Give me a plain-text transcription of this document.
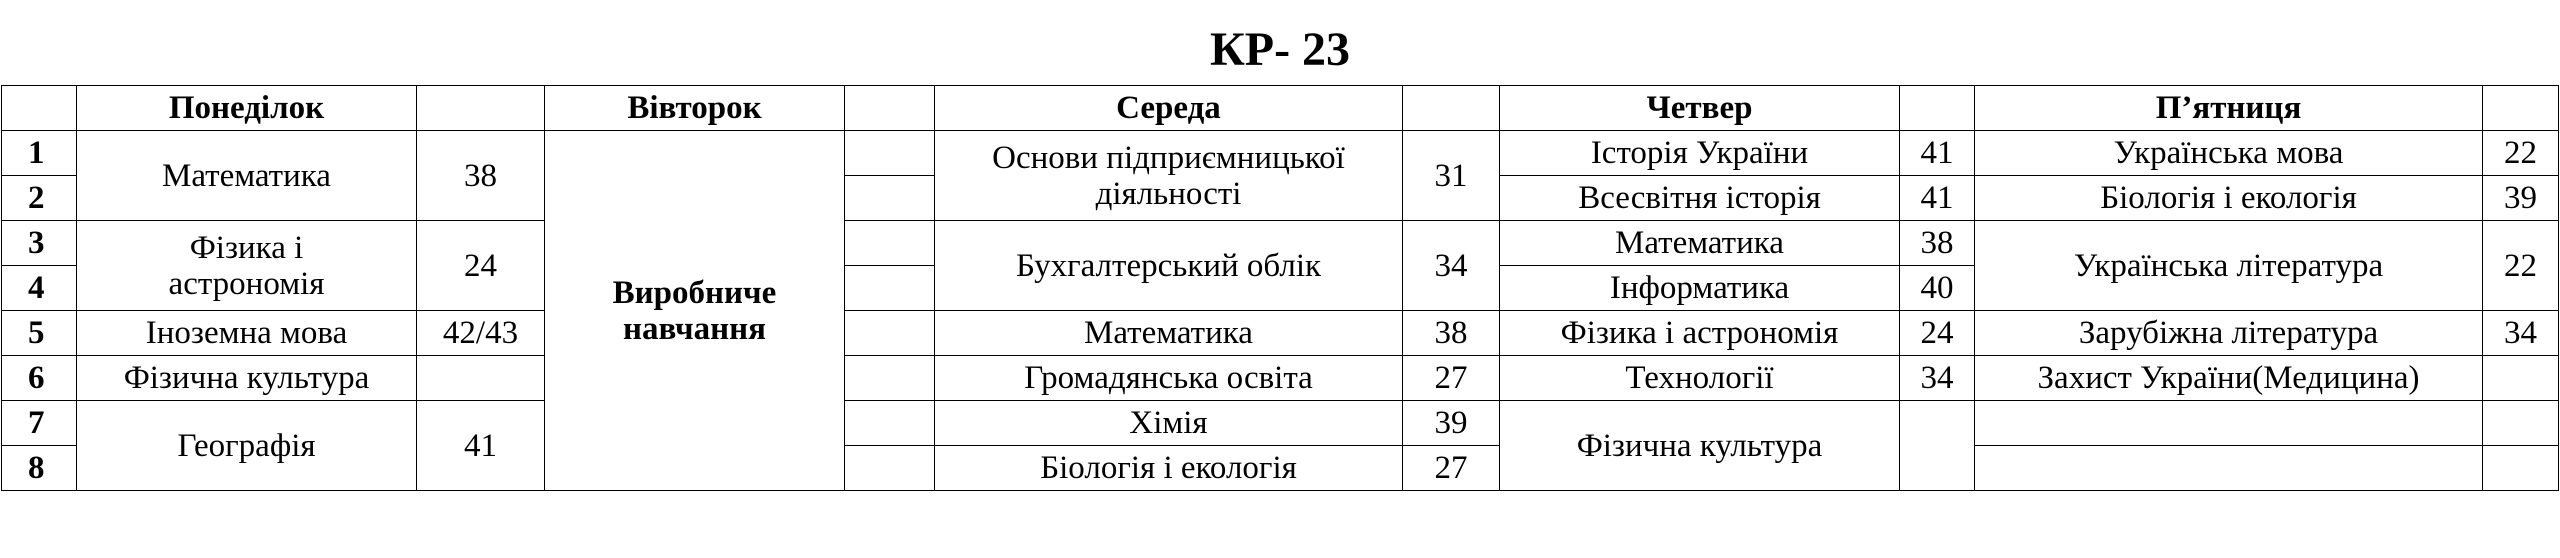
КР- 23
	Понеділок		Вівторок		Середа		Четвер		П’ятниця	
1	Математика	38	Виробниче навчання		Основи підприємницької діяльності	31	Історія України	41	Українська мова	22
2							Всесвітня історія	41	Біологія і екологія	39
3	Фізика і астрономія	24			Бухгалтерський облік	34	Математика	38	Українська література	22
4							Інформатика	40		
5	Іноземна мова	42/43			Математика	38	Фізика і астрономія	24	Зарубіжна література	34
6	Фізична культура				Громадянська освіта	27	Технології	34	Захист України(Медицина)	
7	Географія	41			Хімія	39	Фізична культура			
8					Біологія і екологія	27				
